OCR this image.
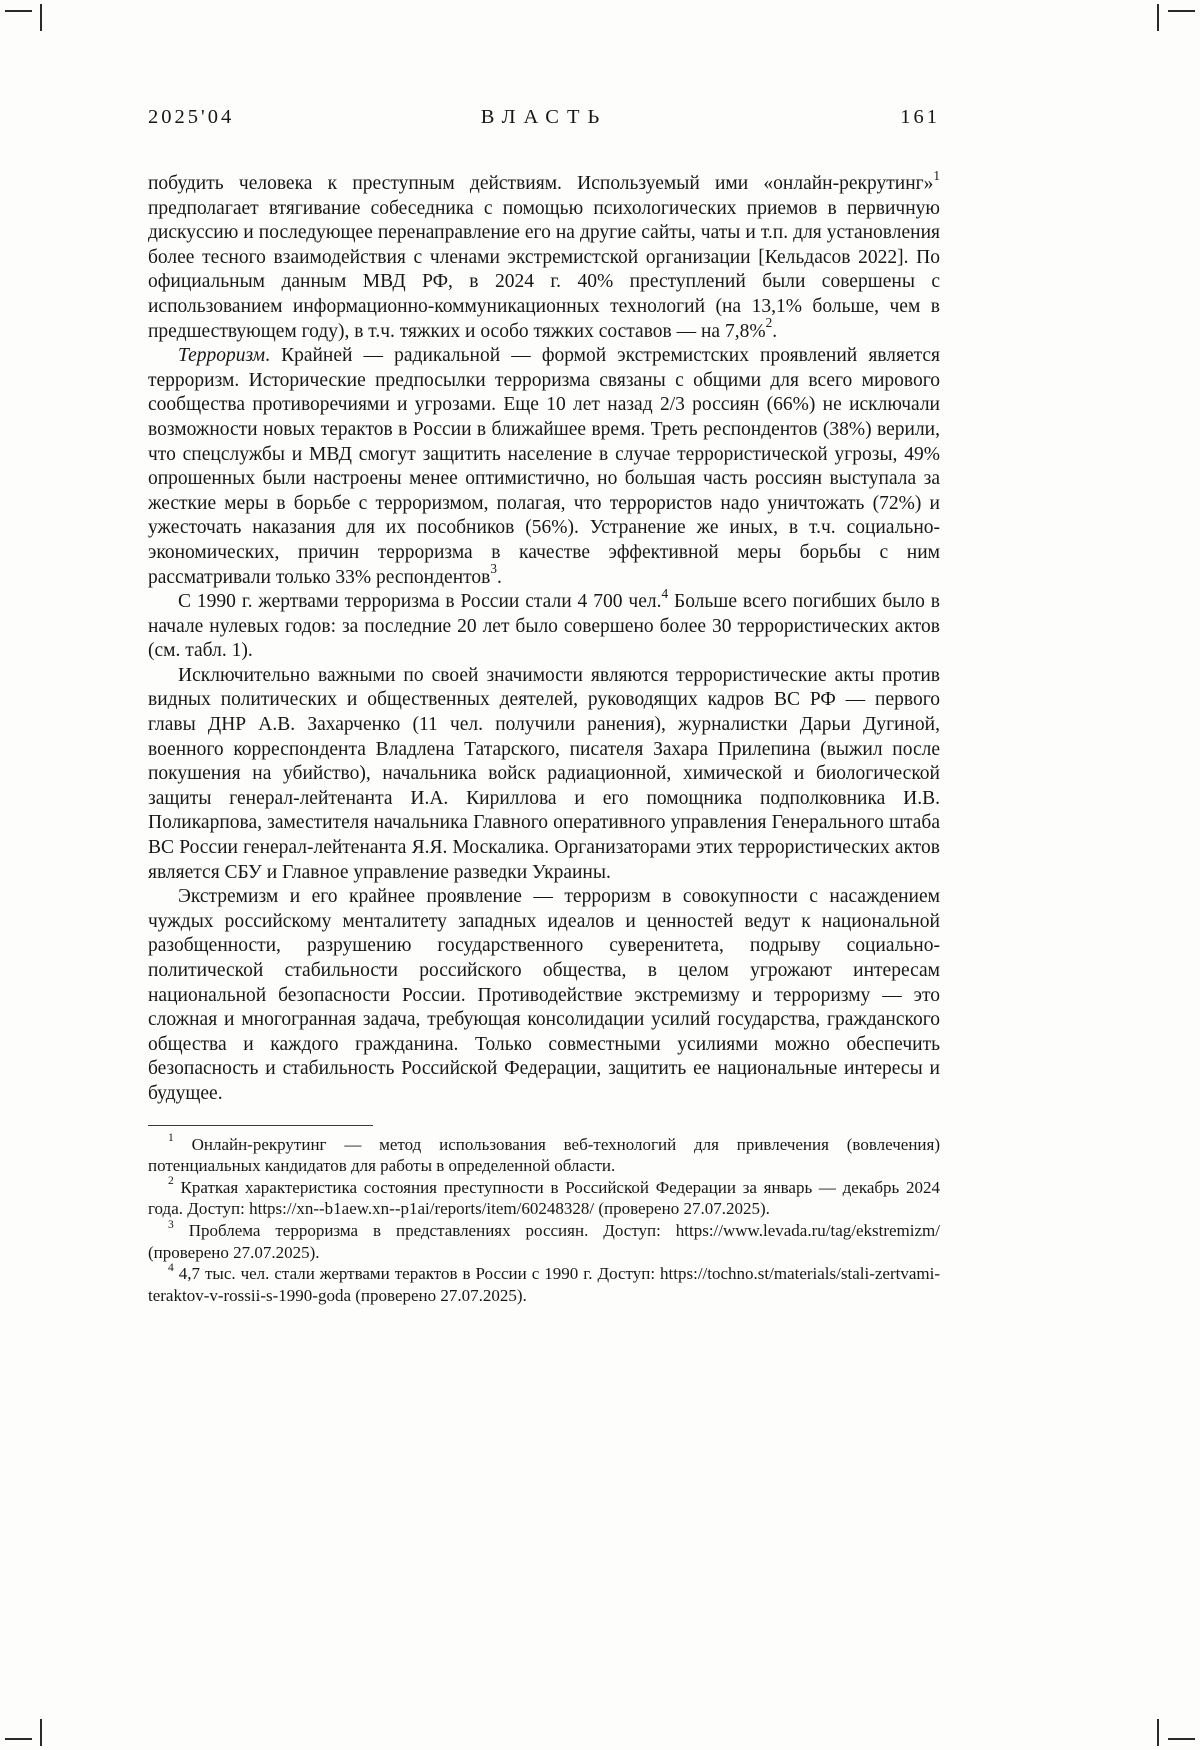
2025'04	ВЛАСТЬ	161

побудить человека к преступным действиям. Используемый ими «онлайн-рекрутинг»$^1$ предполагает втягивание собеседника с помощью психологических приемов в первичную дискуссию и последующее перенаправление его на другие сайты, чаты и т.п. для установления более тесного взаимодействия с членами экстремистской организации [Кельдасов 2022]. По официальным данным МВД РФ, в 2024 г. 40% преступлений были совершены с использованием информационно-коммуникационных технологий (на 13,1% больше, чем в предшествующем году), в т.ч. тяжких и особо тяжких составов — на 7,8%$^2$.

Терроризм. Крайней — радикальной — формой экстремистских проявлений является терроризм. Исторические предпосылки терроризма связаны с общими для всего мирового сообщества противоречиями и угрозами. Еще 10 лет назад 2/3 россиян (66%) не исключали возможности новых терактов в России в ближайшее время. Треть респондентов (38%) верили, что спецслужбы и МВД смогут защитить население в случае террористической угрозы, 49% опрошенных были настроены менее оптимистично, но большая часть россиян выступала за жесткие меры в борьбе с терроризмом, полагая, что террористов надо уничтожать (72%) и ужесточать наказания для их пособников (56%). Устранение же иных, в т.ч. социально-экономических, причин терроризма в качестве эффективной меры борьбы с ним рассматривали только 33% респондентов$^3$.

С 1990 г. жертвами терроризма в России стали 4 700 чел.$^4$ Больше всего погибших было в начале нулевых годов: за последние 20 лет было совершено более 30 террористических актов (см. табл. 1).

Исключительно важными по своей значимости являются террористические акты против видных политических и общественных деятелей, руководящих кадров ВС РФ — первого главы ДНР А.В. Захарченко (11 чел. получили ранения), журналистки Дарьи Дугиной, военного корреспондента Владлена Татарского, писателя Захара Прилепина (выжил после покушения на убийство), начальника войск радиационной, химической и биологической защиты генерал-лейтенанта И.А. Кириллова и его помощника подполковника И.В. Поликарпова, заместителя начальника Главного оперативного управления Генерального штаба ВС России генерал-лейтенанта Я.Я. Москалика. Организаторами этих террористических актов является СБУ и Главное управление разведки Украины.

Экстремизм и его крайнее проявление — терроризм в совокупности с насаждением чуждых российскому менталитету западных идеалов и ценностей ведут к национальной разобщенности, разрушению государственного суверенитета, подрыву социально-политической стабильности российского общества, в целом угрожают интересам национальной безопасности России. Противодействие экстремизму и терроризму — это сложная и многогранная задача, требующая консолидации усилий государства, гражданского общества и каждого гражданина. Только совместными усилиями можно обеспечить безопасность и стабильность Российской Федерации, защитить ее национальные интересы и будущее.

$^1$ Онлайн-рекрутинг — метод использования веб-технологий для привлечения (вовлечения) потенциальных кандидатов для работы в определенной области.

$^2$ Краткая характеристика состояния преступности в Российской Федерации за январь — декабрь 2024 года. Доступ: https://xn--b1aew.xn--p1ai/reports/item/60248328/ (проверено 27.07.2025).

$^3$ Проблема терроризма в представлениях россиян. Доступ: https://www.levada.ru/tag/ekstremizm/ (проверено 27.07.2025).

$^4$ 4,7 тыс. чел. стали жертвами терактов в России с 1990 г. Доступ: https://tochno.st/materials/stali-zertvami-teraktov-v-rossii-s-1990-goda (проверено 27.07.2025).
